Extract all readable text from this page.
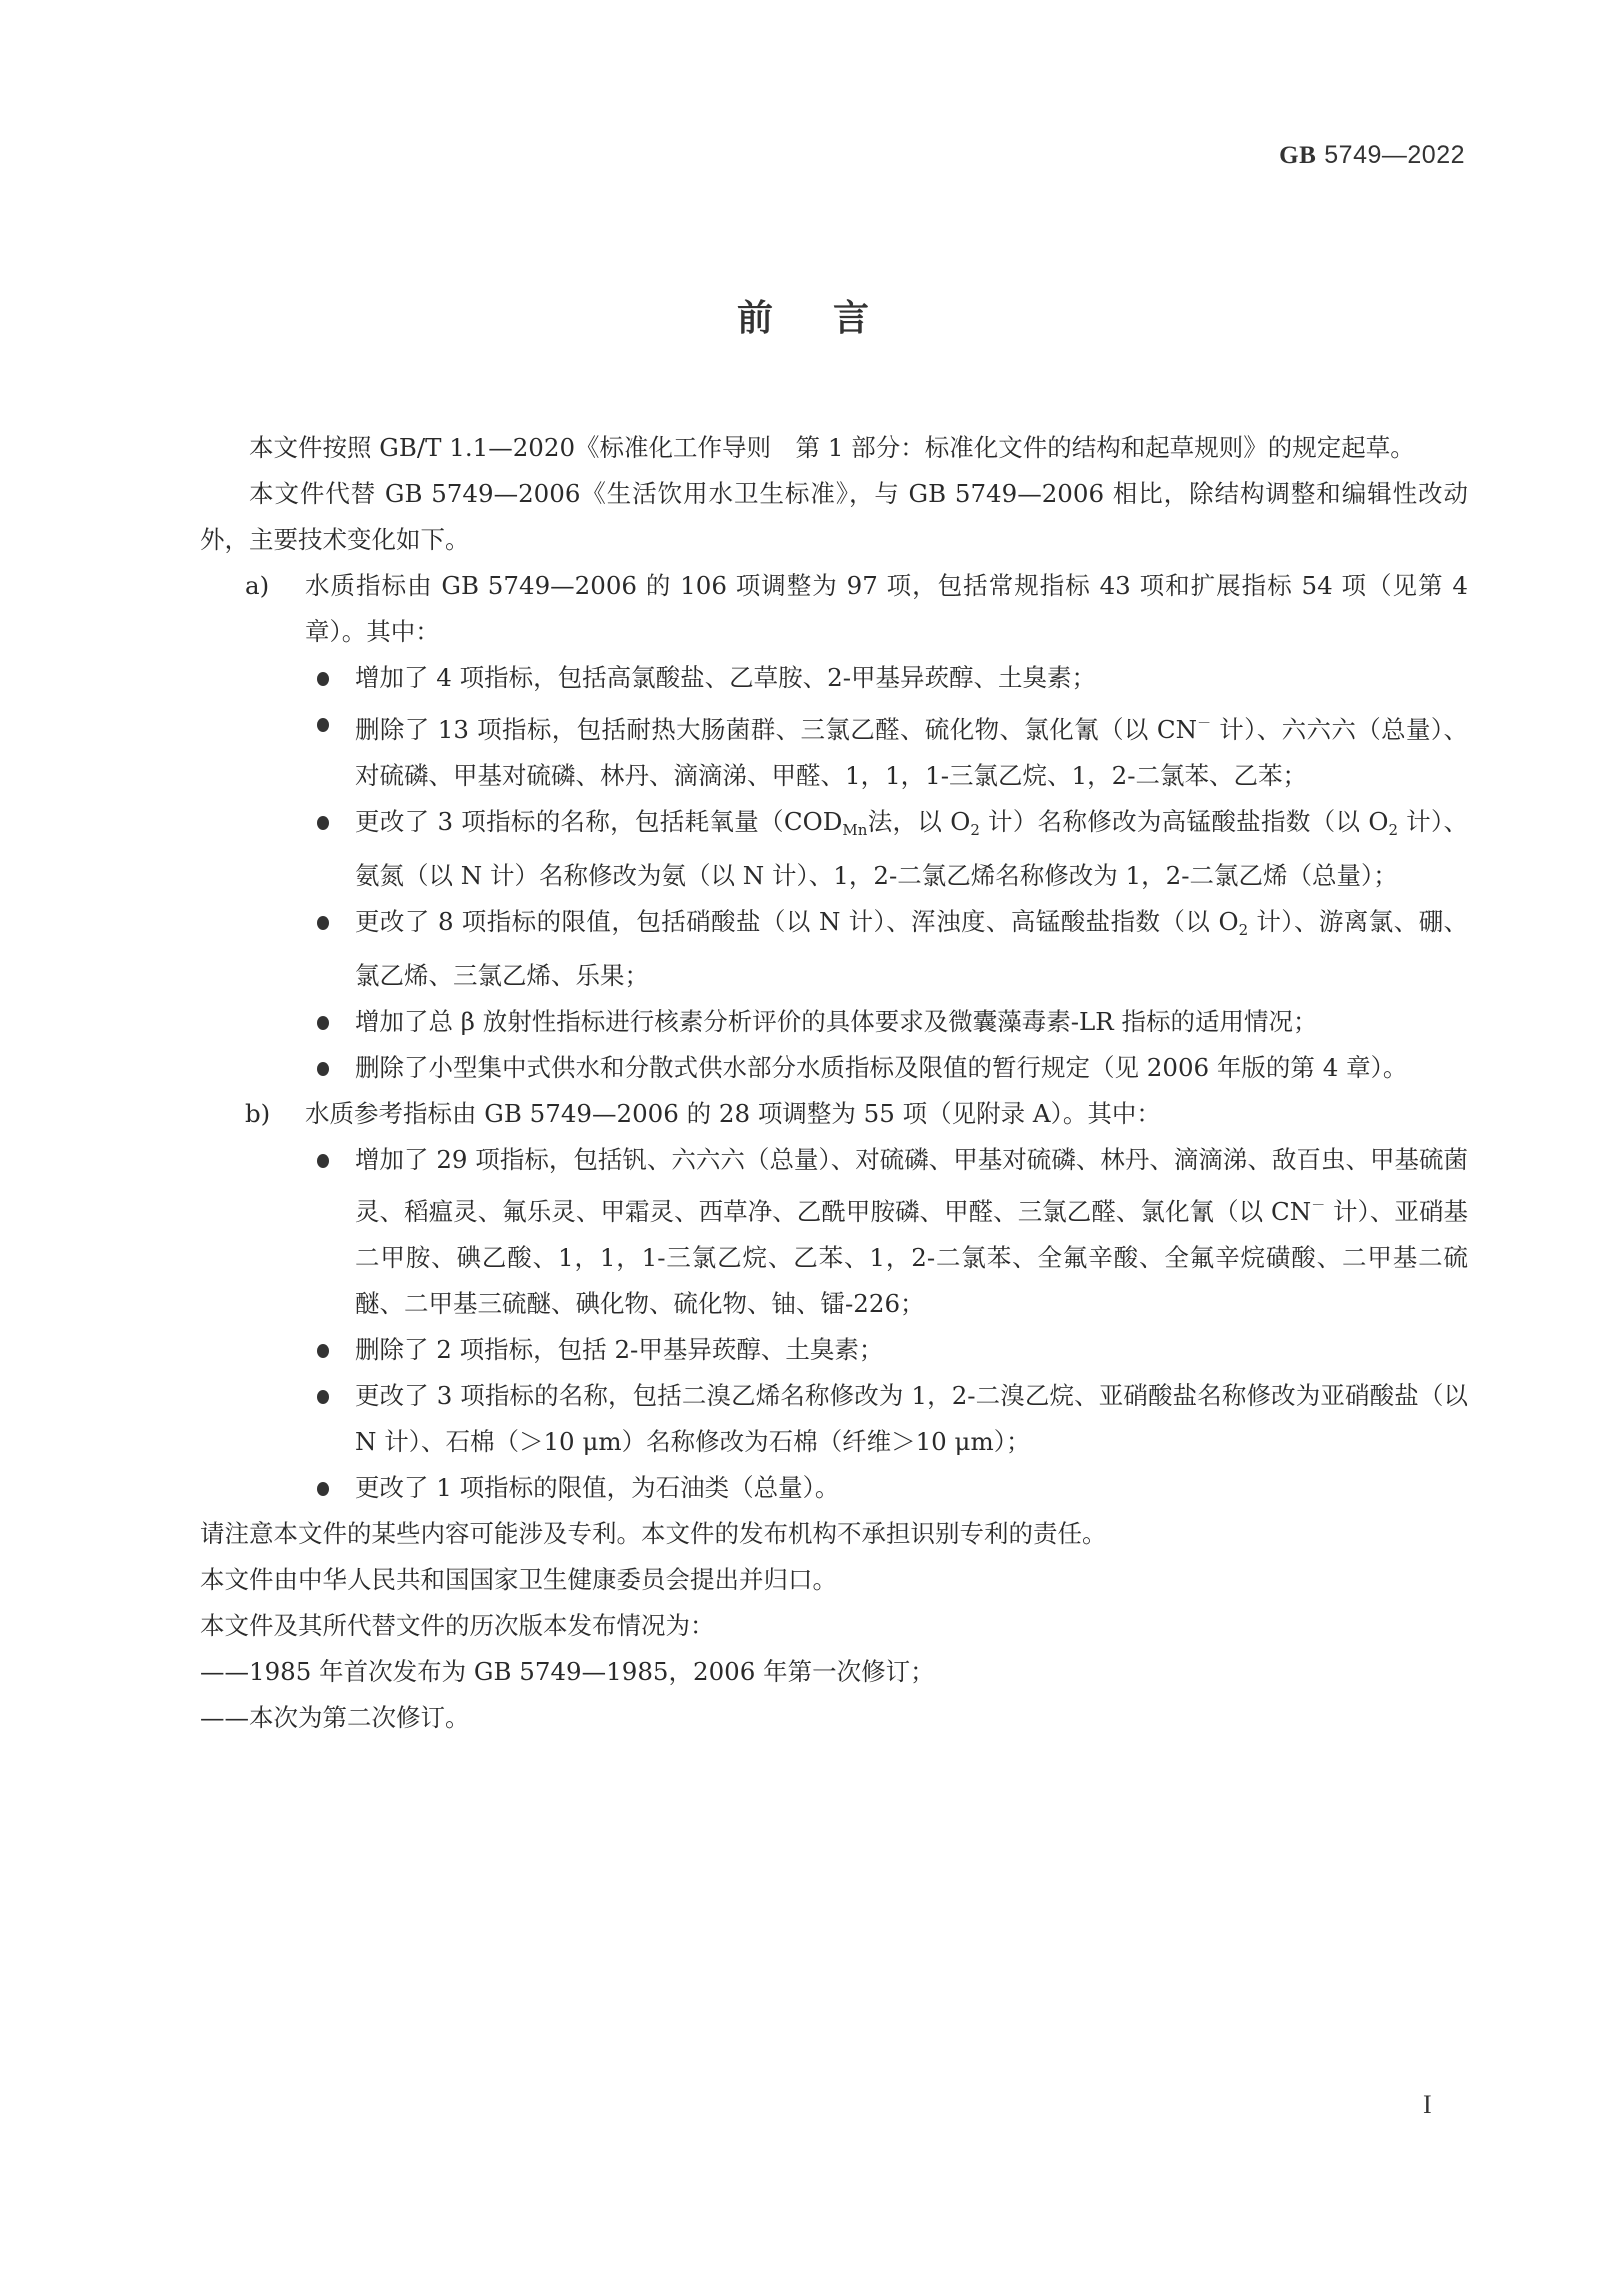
GB 5749—2022
前言

本文件按照 GB/T 1.1—2020《标准化工作导则　第 1 部分：标准化文件的结构和起草规则》的规定起草。

本文件代替 GB 5749—2006《生活饮用水卫生标准》，与 GB 5749—2006 相比，除结构调整和编辑性改动外，主要技术变化如下。

a) 水质指标由 GB 5749—2006 的 106 项调整为 97 项，包括常规指标 43 项和扩展指标 54 项（见第 4 章）。其中：
增加了 4 项指标，包括高氯酸盐、乙草胺、2-甲基异莰醇、土臭素；
删除了 13 项指标，包括耐热大肠菌群、三氯乙醛、硫化物、氯化氰（以 CN－ 计）、六六六（总量）、对硫磷、甲基对硫磷、林丹、滴滴涕、甲醛、1，1，1-三氯乙烷、1，2-二氯苯、乙苯；
更改了 3 项指标的名称，包括耗氧量（$COD_{Mn}$法，以 $O_2$ 计）名称修改为高锰酸盐指数（以 $O_2$ 计）、氨氮（以 N 计）名称修改为氨（以 N 计）、1，2-二氯乙烯名称修改为 1，2-二氯乙烯（总量）；
更改了 8 项指标的限值，包括硝酸盐（以 N 计）、浑浊度、高锰酸盐指数（以 $O_2$ 计）、游离氯、硼、氯乙烯、三氯乙烯、乐果；
增加了总 β 放射性指标进行核素分析评价的具体要求及微囊藻毒素-LR 指标的适用情况；
删除了小型集中式供水和分散式供水部分水质指标及限值的暂行规定（见 2006 年版的第 4 章）。
b) 水质参考指标由 GB 5749—2006 的 28 项调整为 55 项（见附录 A）。其中：
增加了 29 项指标，包括钒、六六六（总量）、对硫磷、甲基对硫磷、林丹、滴滴涕、敌百虫、甲基硫菌灵、稻瘟灵、氟乐灵、甲霜灵、西草净、乙酰甲胺磷、甲醛、三氯乙醛、氯化氰（以 CN－ 计）、亚硝基二甲胺、碘乙酸、1，1，1-三氯乙烷、乙苯、1，2-二氯苯、全氟辛酸、全氟辛烷磺酸、二甲基二硫醚、二甲基三硫醚、碘化物、硫化物、铀、镭-226；
删除了 2 项指标，包括 2-甲基异莰醇、土臭素；
更改了 3 项指标的名称，包括二溴乙烯名称修改为 1，2-二溴乙烷、亚硝酸盐名称修改为亚硝酸盐（以 N 计）、石棉（＞10 μm）名称修改为石棉（纤维＞10 μm）；
更改了 1 项指标的限值，为石油类（总量）。

请注意本文件的某些内容可能涉及专利。本文件的发布机构不承担识别专利的责任。

本文件由中华人民共和国国家卫生健康委员会提出并归口。

本文件及其所代替文件的历次版本发布情况为：

——1985 年首次发布为 GB 5749—1985，2006 年第一次修订；

——本次为第二次修订。

I
